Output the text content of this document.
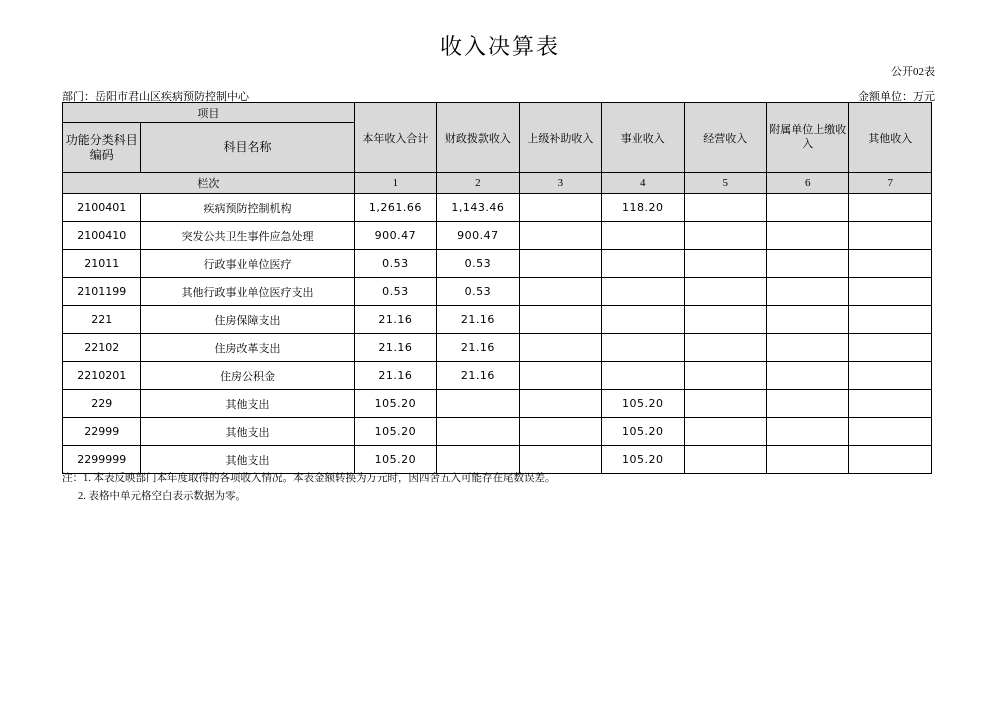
收入决算表
公开02表
部门：岳阳市君山区疾病预防控制中心	金额单位：万元
项目		本年收入合计	财政拨款收入	上级补助收入	事业收入	经营收入	附属单位上缴收入	其他收入
功能分类科目编码	科目名称							
栏次		1	2	3	4	5	6	7
2100401	疾病预防控制机构	1,261.66	1,143.46		118.20			
2100410	突发公共卫生事件应急处理	900.47	900.47					
21011	行政事业单位医疗	0.53	0.53					
2101199	其他行政事业单位医疗支出	0.53	0.53					
221	住房保障支出	21.16	21.16					
22102	住房改革支出	21.16	21.16					
2210201	住房公积金	21.16	21.16					
229	其他支出	105.20			105.20			
22999	其他支出	105.20			105.20			
2299999	其他支出	105.20			105.20			
注：1. 本表反映部门本年度取得的各项收入情况。本表金额转换为万元时，因四舍五入可能存在尾数误差。
2. 表格中单元格空白表示数据为零。
